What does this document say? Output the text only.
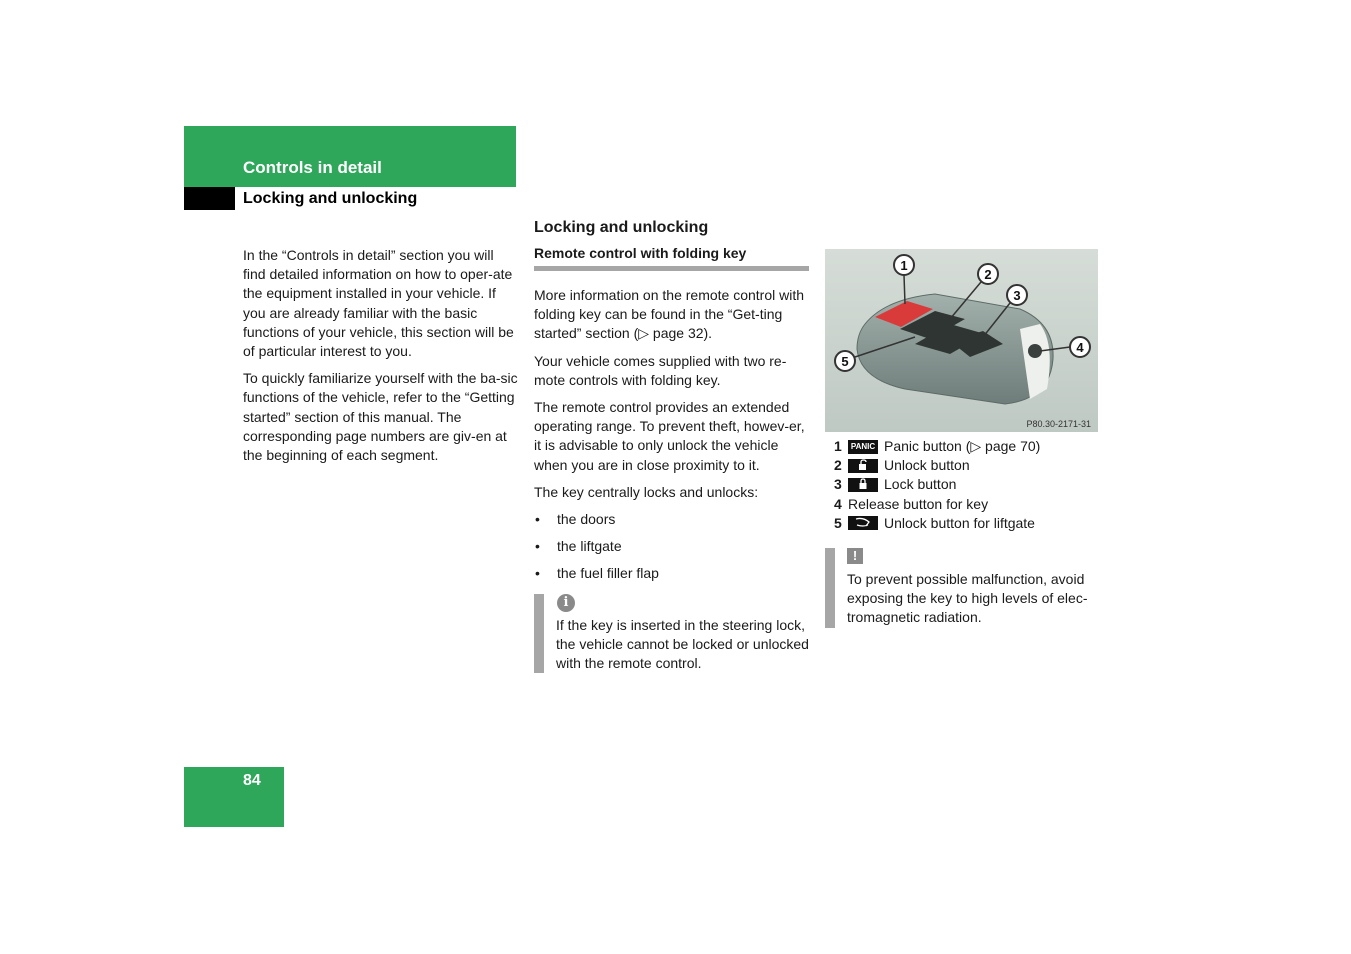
Controls in detail
Locking and unlocking

In the “Controls in detail” section you will find detailed information on how to oper-ate the equipment installed in your vehicle. If you are already familiar with the basic functions of your vehicle, this section will be of particular interest to you.

To quickly familiarize yourself with the ba-sic functions of the vehicle, refer to the “Getting started” section of this manual. The corresponding page numbers are giv-en at the beginning of each segment.

Locking and unlocking
Remote control with folding key

More information on the remote control with folding key can be found in the “Get-ting started” section (▷ page 32).

Your vehicle comes supplied with two re-mote controls with folding key.

The remote control provides an extended operating range. To prevent theft, howev-er, it is advisable to only unlock the vehicle when you are in close proximity to it.

The key centrally locks and unlocks:

• the doors
• the liftgate
• the fuel filler flap
i
If the key is inserted in the steering lock, the vehicle cannot be locked or unlocked with the remote control.
1
2
3
4
5
P80.30-2171-31
1	PANIC Panic button (▷ page 70)
2	Unlock button
3	Lock button
4 Release button for key
5	Unlock button for liftgate
!
To prevent possible malfunction, avoid exposing the key to high levels of elec-tromagnetic radiation.
84
